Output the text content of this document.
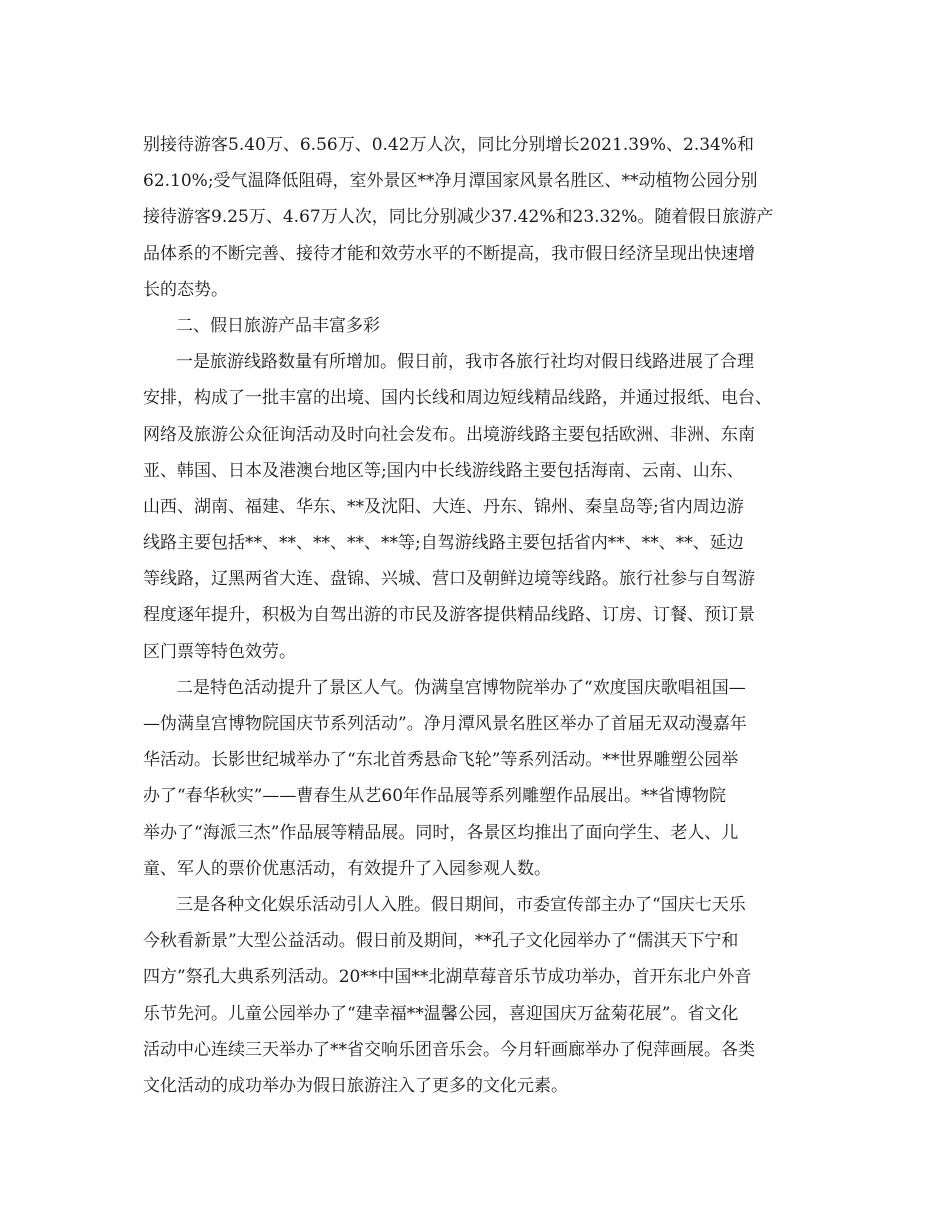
别接待游客5.40万、6.56万、0.42万人次，同比分别增长2021.39%、2.34%和
62.10%;受气温降低阻碍，室外景区**净月潭国家风景名胜区、**动植物公园分别
接待游客9.25万、4.67万人次，同比分别减少37.42%和23.32%。随着假日旅游产
品体系的不断完善、接待才能和效劳水平的不断提高，我市假日经济呈现出快速增
长的态势。
二、假日旅游产品丰富多彩
一是旅游线路数量有所增加。假日前，我市各旅行社均对假日线路进展了合理
安排，构成了一批丰富的出境、国内长线和周边短线精品线路，并通过报纸、电台、
网络及旅游公众征询活动及时向社会发布。出境游线路主要包括欧洲、非洲、东南
亚、韩国、日本及港澳台地区等;国内中长线游线路主要包括海南、云南、山东、
山西、湖南、福建、华东、**及沈阳、大连、丹东、锦州、秦皇岛等;省内周边游
线路主要包括**、**、**、**、**等;自驾游线路主要包括省内**、**、**、延边
等线路，辽黑两省大连、盘锦、兴城、营口及朝鲜边境等线路。旅行社参与自驾游
程度逐年提升，积极为自驾出游的市民及游客提供精品线路、订房、订餐、预订景
区门票等特色效劳。
二是特色活动提升了景区人气。伪满皇宫博物院举办了“欢度国庆歌唱祖国—
—伪满皇宫博物院国庆节系列活动”。净月潭风景名胜区举办了首届无双动漫嘉年
华活动。长影世纪城举办了“东北首秀悬命飞轮”等系列活动。**世界雕塑公园举
办了“春华秋实”——曹春生从艺60年作品展等系列雕塑作品展出。**省博物院
举办了“海派三杰”作品展等精品展。同时，各景区均推出了面向学生、老人、儿
童、军人的票价优惠活动，有效提升了入园参观人数。
三是各种文化娱乐活动引人入胜。假日期间，市委宣传部主办了“国庆七天乐
今秋看新景”大型公益活动。假日前及期间，**孔子文化园举办了“儒淇天下宁和
四方”祭孔大典系列活动。20**中国**北湖草莓音乐节成功举办，首开东北户外音
乐节先河。儿童公园举办了“建幸福**温馨公园，喜迎国庆万盆菊花展”。省文化
活动中心连续三天举办了**省交响乐团音乐会。今月轩画廊举办了倪萍画展。各类
文化活动的成功举办为假日旅游注入了更多的文化元素。
